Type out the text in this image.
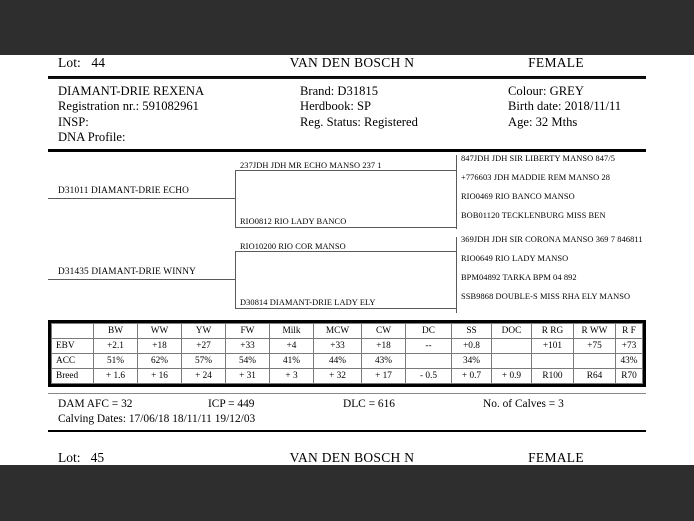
Lot: 44	VAN DEN BOSCH N	FEMALE
DIAMANT-DRIE REXENA
Registration nr.: 591082961
INSP:
DNA Profile:
Brand: D31815
Herdbook: SP
Reg. Status: Registered
Colour: GREY
Birth date: 2018/11/11
Age: 32 Mths
D31011 DIAMANT-DRIE ECHO
237JDH JDH MR ECHO MANSO 237 1
RIO0812 RIO LADY BANCO
847JDH JDH SIR LIBERTY MANSO 847/5
+776603 JDH MADDIE REM MANSO 28
RIO0469 RIO BANCO MANSO
BOB01120 TECKLENBURG MISS BEN
D31435 DIAMANT-DRIE WINNY
RIO10200 RIO COR MANSO
D30814 DIAMANT-DRIE LADY ELY
369JDH JDH SIR CORONA MANSO 369 7 846811
RIO0649 RIO LADY MANSO
BPM04892 TARKA BPM 04 892
SSB9868 DOUBLE-S MISS RHA ELY MANSO
	BW	WW	YW	FW	Milk	MCW	CW	DC	SS	DOC	R RG	R WW	R F
EBV	+2.1	+18	+27	+33	+4	+33	+18	--	+0.8		+101	+75	+73
ACC	51%	62%	57%	54%	41%	44%	43%		34%				43%
Breed	+ 1.6	+ 16	+ 24	+ 31	+ 3	+ 32	+ 17	- 0.5	+ 0.7	+ 0.9	R100	R64	R70
DAM AFC = 32	ICP = 449	DLC = 616	No. of Calves = 3
Calving Dates: 17/06/18 18/11/11 19/12/03
Lot: 45	VAN DEN BOSCH N	FEMALE
